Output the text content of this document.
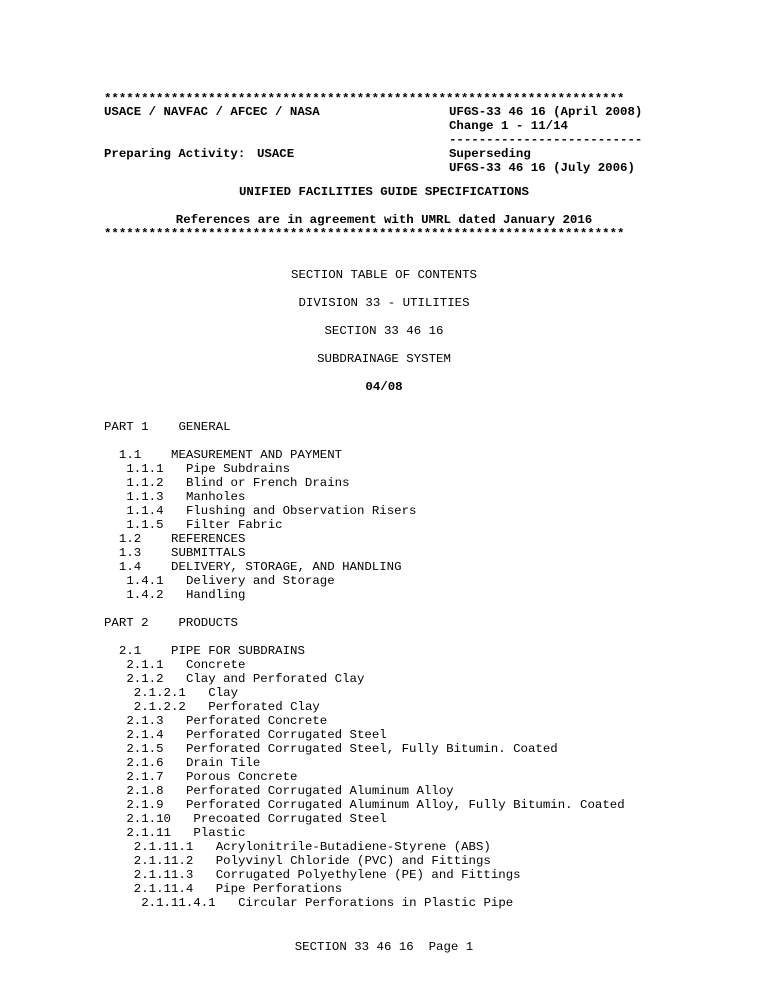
**********************************************************************
USACE / NAVFAC / AFCEC / NASA	UFGS-33 46 16 (April 2008)
Change 1 - 11/14
--------------------------
Preparing Activity: USACE	Superseding
UFGS-33 46 16 (July 2006)
UNIFIED FACILITIES GUIDE SPECIFICATIONS
References are in agreement with UMRL dated January 2016
**********************************************************************
SECTION TABLE OF CONTENTS
DIVISION 33 - UTILITIES
SECTION 33 46 16
SUBDRAINAGE SYSTEM
04/08
PART 1 GENERAL
1.1 MEASUREMENT AND PAYMENT
1.1.1 Pipe Subdrains
1.1.2 Blind or French Drains
1.1.3 Manholes
1.1.4 Flushing and Observation Risers
1.1.5 Filter Fabric
1.2 REFERENCES
1.3 SUBMITTALS
1.4 DELIVERY, STORAGE, AND HANDLING
1.4.1 Delivery and Storage
1.4.2 Handling
PART 2 PRODUCTS
2.1 PIPE FOR SUBDRAINS
2.1.1 Concrete
2.1.2 Clay and Perforated Clay
2.1.2.1 Clay
2.1.2.2 Perforated Clay
2.1.3 Perforated Concrete
2.1.4 Perforated Corrugated Steel
2.1.5 Perforated Corrugated Steel, Fully Bitumin. Coated
2.1.6 Drain Tile
2.1.7 Porous Concrete
2.1.8 Perforated Corrugated Aluminum Alloy
2.1.9 Perforated Corrugated Aluminum Alloy, Fully Bitumin. Coated
2.1.10 Precoated Corrugated Steel
2.1.11 Plastic
2.1.11.1 Acrylonitrile-Butadiene-Styrene (ABS)
2.1.11.2 Polyvinyl Chloride (PVC) and Fittings
2.1.11.3 Corrugated Polyethylene (PE) and Fittings
2.1.11.4 Pipe Perforations
2.1.11.4.1 Circular Perforations in Plastic Pipe
SECTION 33 46 16 Page 1
